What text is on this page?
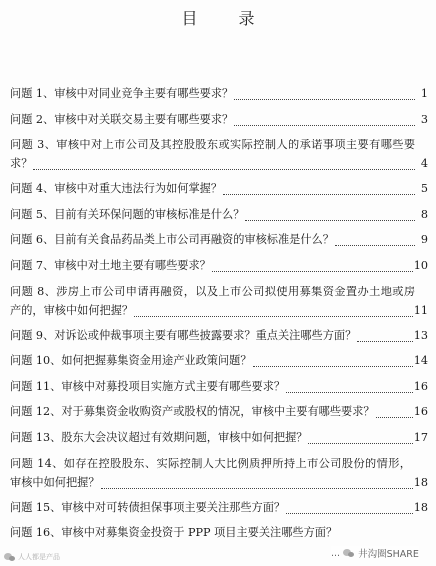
目 录
问题 1、审核中对同业竞争主要有哪些要求？	1
问题 2、审核中对关联交易主要有哪些要求？	3
问题 3、审核中对上市公司及其控股股东或实际控制人的承诺事项主要有哪些要
求？	4
问题 4、审核中对重大违法行为如何掌握？	5
问题 5、目前有关环保问题的审核标准是什么？	8
问题 6、目前有关食品药品类上市公司再融资的审核标准是什么？	9
问题 7、审核中对土地主要有哪些要求？	10
问题 8、涉房上市公司申请再融资，以及上市公司拟使用募集资金置办土地或房
产的，审核中如何把握？	11
问题 9、对诉讼或仲裁事项主要有哪些披露要求？重点关注哪些方面？	13
问题 10、如何把握募集资金用途产业政策问题？	14
问题 11、审核中对募投项目实施方式主要有哪些要求？	16
问题 12、对于募集资金收购资产或股权的情况，审核中主要有哪些要求？	16
问题 13、股东大会决议超过有效期问题，审核中如何把握？	17
问题 14、如存在控股股东、实际控制人大比例质押所持上市公司股份的情形，
审核中如何把握？	18
问题 15、审核中对可转债担保事项主要关注那些方面？	18
问题 16、审核中对募集资金投资于 PPP 项目主要关注哪些方面？
人人都是产品	... 井沟圈SHARE
